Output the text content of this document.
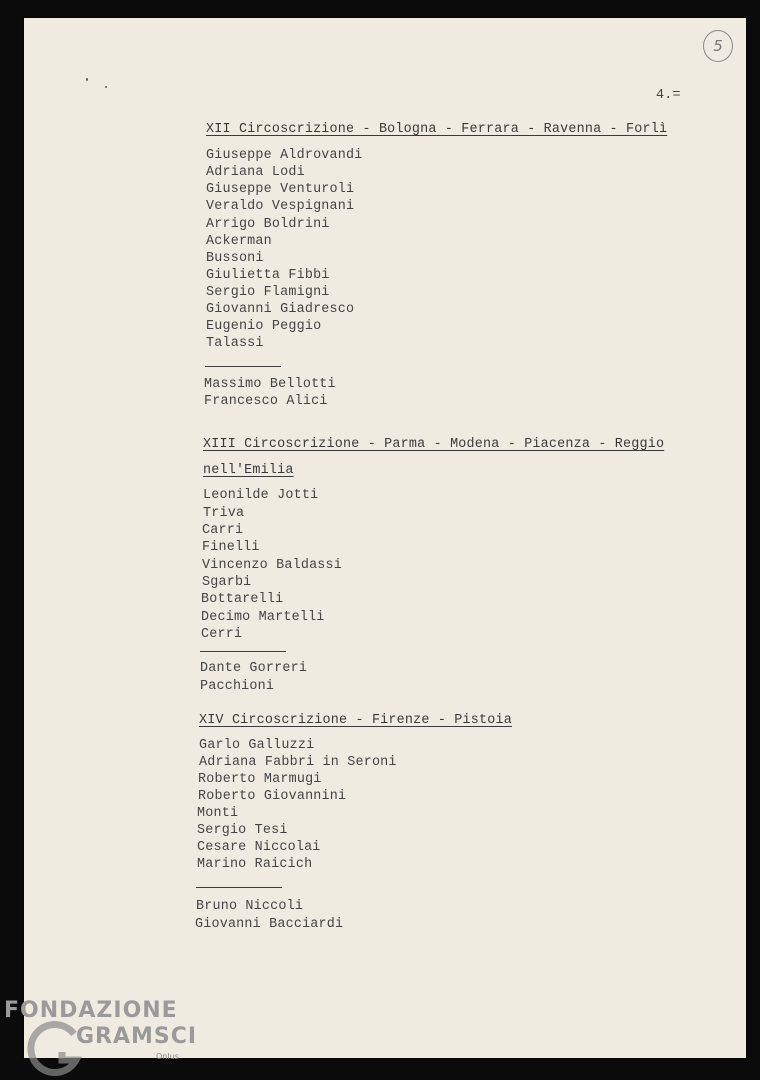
5
4.=
XII Circoscrizione - Bologna - Ferrara - Ravenna - Forlì
Giuseppe Aldrovandi
Adriana Lodi
Giuseppe Venturoli
Veraldo Vespignani
Arrigo Boldrini
Ackerman
Bussoni
Giulietta Fibbi
Sergio Flamigni
Giovanni Giadresco
Eugenio Peggio
Talassi
Massimo Bellotti
Francesco Alici
XIII Circoscrizione - Parma - Modena - Piacenza - Reggio
nell'Emilia
Leonilde Jotti
Triva
Carri
Finelli
Vincenzo Baldassi
Sgarbi
Bottarelli
Decimo Martelli
Cerri
Dante Gorreri
Pacchioni
XIV Circoscrizione - Firenze - Pistoia
Garlo Galluzzi
Adriana Fabbri in Seroni
Roberto Marmugi
Roberto Giovannini
Monti
Sergio Tesi
Cesare Niccolai
Marino Raicich
Bruno Niccoli
Giovanni Bacciardi
FONDAZIONE
GRAMSCI
Onlus
